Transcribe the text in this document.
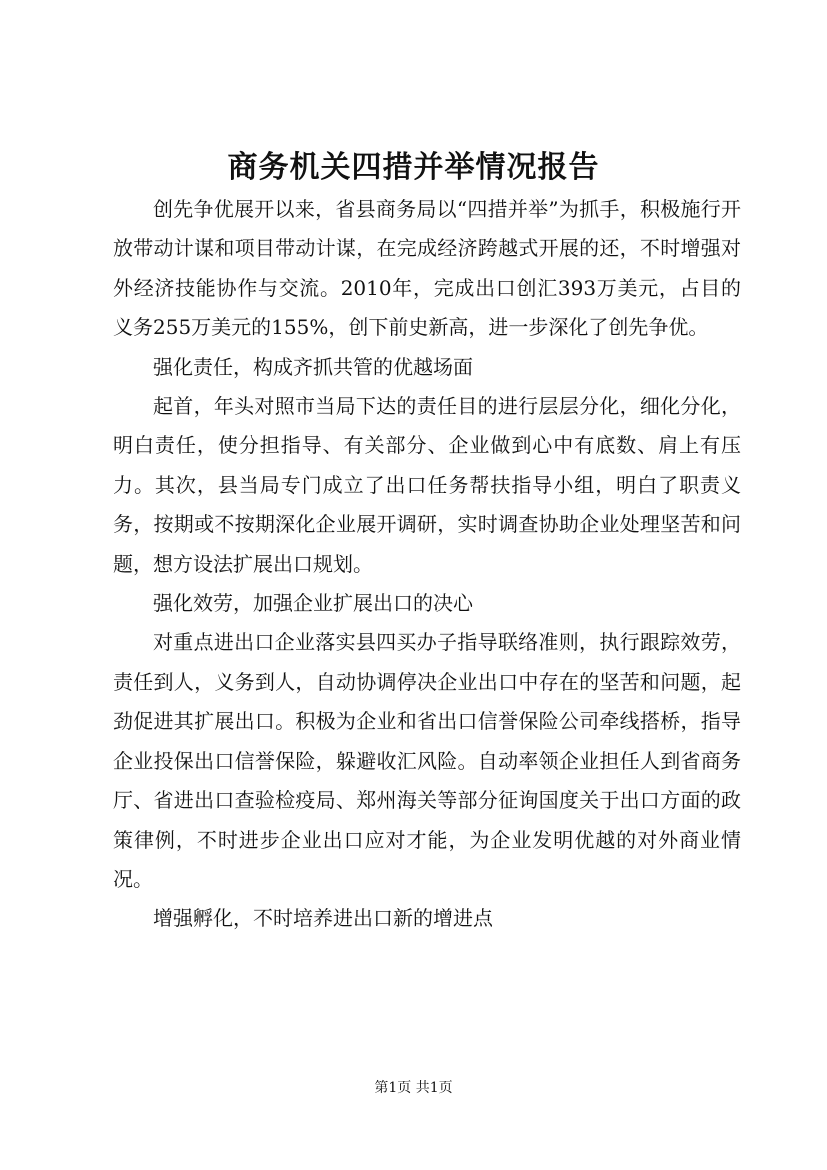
商务机关四措并举情况报告

创先争优展开以来，省县商务局以“四措并举”为抓手，积极施行开放带动计谋和项目带动计谋，在完成经济跨越式开展的还，不时增强对外经济技能协作与交流。2010年，完成出口创汇393万美元，占目的义务255万美元的155%，创下前史新高，进一步深化了创先争优。

强化责任，构成齐抓共管的优越场面

起首，年头对照市当局下达的责任目的进行层层分化，细化分化，明白责任，使分担指导、有关部分、企业做到心中有底数、肩上有压力。其次，县当局专门成立了出口任务帮扶指导小组，明白了职责义务，按期或不按期深化企业展开调研，实时调查协助企业处理坚苦和问题，想方设法扩展出口规划。

强化效劳，加强企业扩展出口的决心

对重点进出口企业落实县四买办子指导联络准则，执行跟踪效劳，责任到人，义务到人，自动协调停决企业出口中存在的坚苦和问题，起劲促进其扩展出口。积极为企业和省出口信誉保险公司牵线搭桥，指导企业投保出口信誉保险，躲避收汇风险。自动率领企业担任人到省商务厅、省进出口查验检疫局、郑州海关等部分征询国度关于出口方面的政策律例，不时进步企业出口应对才能，为企业发明优越的对外商业情况。

增强孵化，不时培养进出口新的增进点

第1页 共1页
